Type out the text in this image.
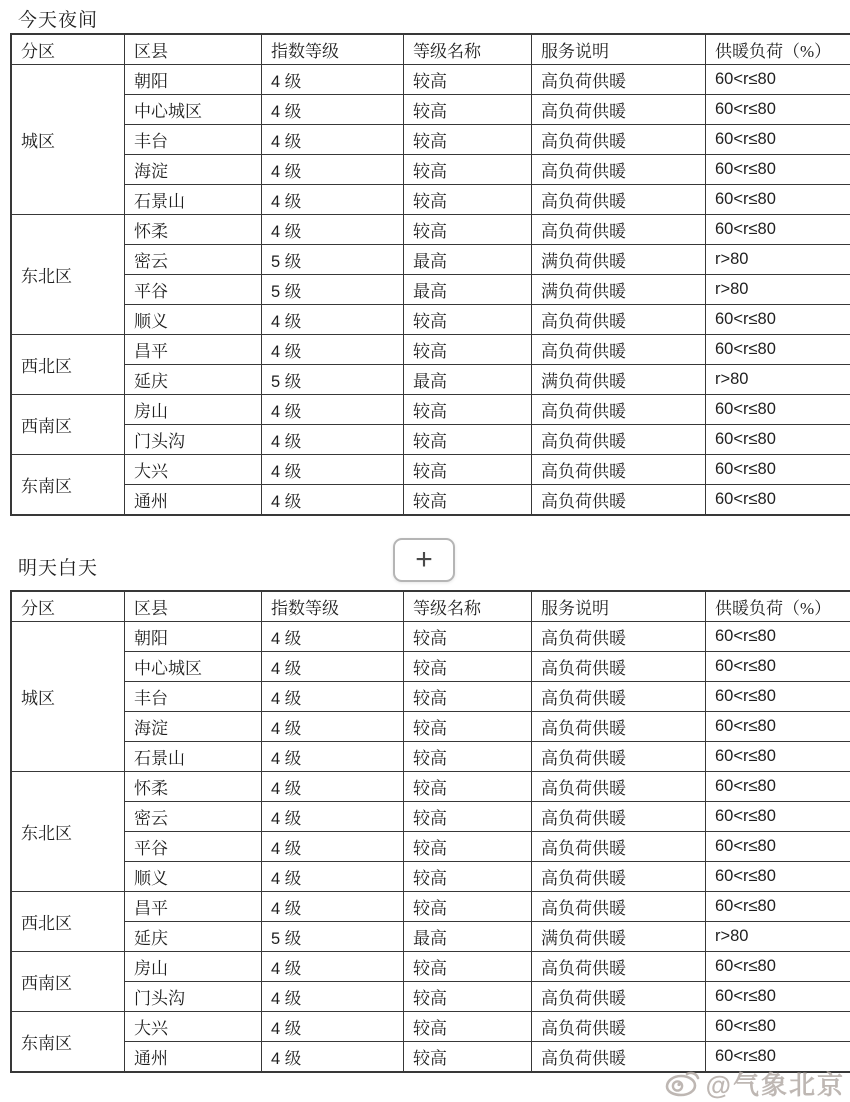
今天夜间
分区	区县	指数等级	等级名称	服务说明	供暖负荷（%）
城区	朝阳	4 级	较高	高负荷供暖	60<r≤80
	中心城区	4 级	较高	高负荷供暖	60<r≤80
	丰台	4 级	较高	高负荷供暖	60<r≤80
	海淀	4 级	较高	高负荷供暖	60<r≤80
	石景山	4 级	较高	高负荷供暖	60<r≤80
东北区	怀柔	4 级	较高	高负荷供暖	60<r≤80
	密云	5 级	最高	满负荷供暖	r>80
	平谷	5 级	最高	满负荷供暖	r>80
	顺义	4 级	较高	高负荷供暖	60<r≤80
西北区	昌平	4 级	较高	高负荷供暖	60<r≤80
	延庆	5 级	最高	满负荷供暖	r>80
西南区	房山	4 级	较高	高负荷供暖	60<r≤80
	门头沟	4 级	较高	高负荷供暖	60<r≤80
东南区	大兴	4 级	较高	高负荷供暖	60<r≤80
	通州	4 级	较高	高负荷供暖	60<r≤80
+
明天白天
分区	区县	指数等级	等级名称	服务说明	供暖负荷（%）
城区	朝阳	4 级	较高	高负荷供暖	60<r≤80
	中心城区	4 级	较高	高负荷供暖	60<r≤80
	丰台	4 级	较高	高负荷供暖	60<r≤80
	海淀	4 级	较高	高负荷供暖	60<r≤80
	石景山	4 级	较高	高负荷供暖	60<r≤80
东北区	怀柔	4 级	较高	高负荷供暖	60<r≤80
	密云	4 级	较高	高负荷供暖	60<r≤80
	平谷	4 级	较高	高负荷供暖	60<r≤80
	顺义	4 级	较高	高负荷供暖	60<r≤80
西北区	昌平	4 级	较高	高负荷供暖	60<r≤80
	延庆	5 级	最高	满负荷供暖	r>80
西南区	房山	4 级	较高	高负荷供暖	60<r≤80
	门头沟	4 级	较高	高负荷供暖	60<r≤80
东南区	大兴	4 级	较高	高负荷供暖	60<r≤80
	通州	4 级	较高	高负荷供暖	60<r≤80
@气象北京
